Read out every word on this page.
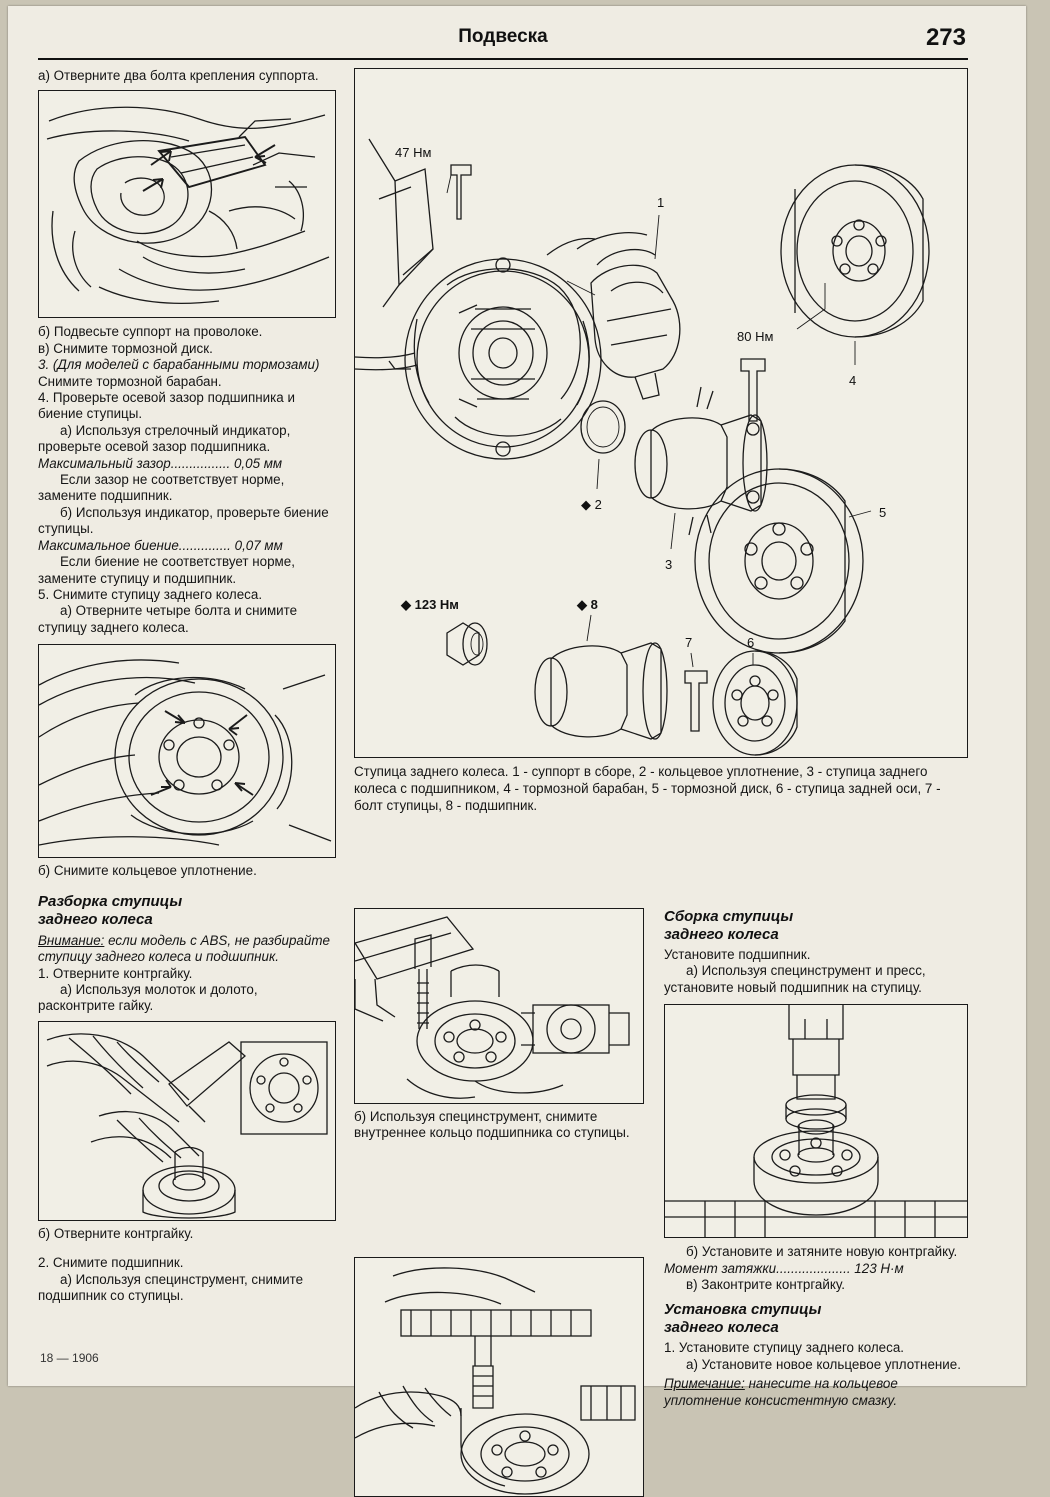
Подвеска	273

а) Отверните два болта крепления суппорта.

б) Подвесьте суппорт на проволоке.

в) Снимите тормозной диск.

3. (Для моделей с барабанными тормозами)

Снимите тормозной барабан.

4. Проверьте осевой зазор подшипника и биение ступицы.

а) Используя стрелочный индикатор, проверьте осевой зазор подшипника.

Максимальный зазор................ 0,05 мм

Если зазор не соответствует норме, замените подшипник.

б) Используя индикатор, проверьте биение ступицы.

Максимальное биение.............. 0,07 мм

Если биение не соответствует норме, замените ступицу и подшипник.

5. Снимите ступицу заднего колеса.

а) Отверните четыре болта и снимите ступицу заднего колеса.

б) Снимите кольцевое уплотнение.

Разборка ступицы
заднего колеса

Внимание: если модель с ABS, не разбирайте ступицу заднего колеса и подшипник.

1. Отверните контргайку.

а) Используя молоток и долото, расконтрите гайку.

б) Отверните контргайку.

2. Снимите подшипник.

а) Используя специнструмент, снимите подшипник со ступицы.

47 Нм
1
80 Нм
◆ 2
3
4
5
◆ 123 Нм	◆ 8
7	6

Ступица заднего колеса. 1 - суппорт в сборе, 2 - кольцевое уплотнение, 3 - ступица заднего колеса с подшипником, 4 - тормозной барабан, 5 - тормозной диск, 6 - ступица задней оси, 7 - болт ступицы, 8 - подшипник.

б) Используя специнструмент, снимите внутреннее кольцо подшипника со ступицы.

Сборка ступицы
заднего колеса

Установите подшипник.

а) Используя специнструмент и пресс, установите новый подшипник на ступицу.

б) Установите и затяните новую контргайку.

Момент затяжки.................... 123 Н·м

в) Законтрите контргайку.

Установка ступицы
заднего колеса

1. Установите ступицу заднего колеса.

а) Установите новое кольцевое уплотнение.

Примечание: нанесите на кольцевое уплотнение консистентную смазку.

18 — 1906
